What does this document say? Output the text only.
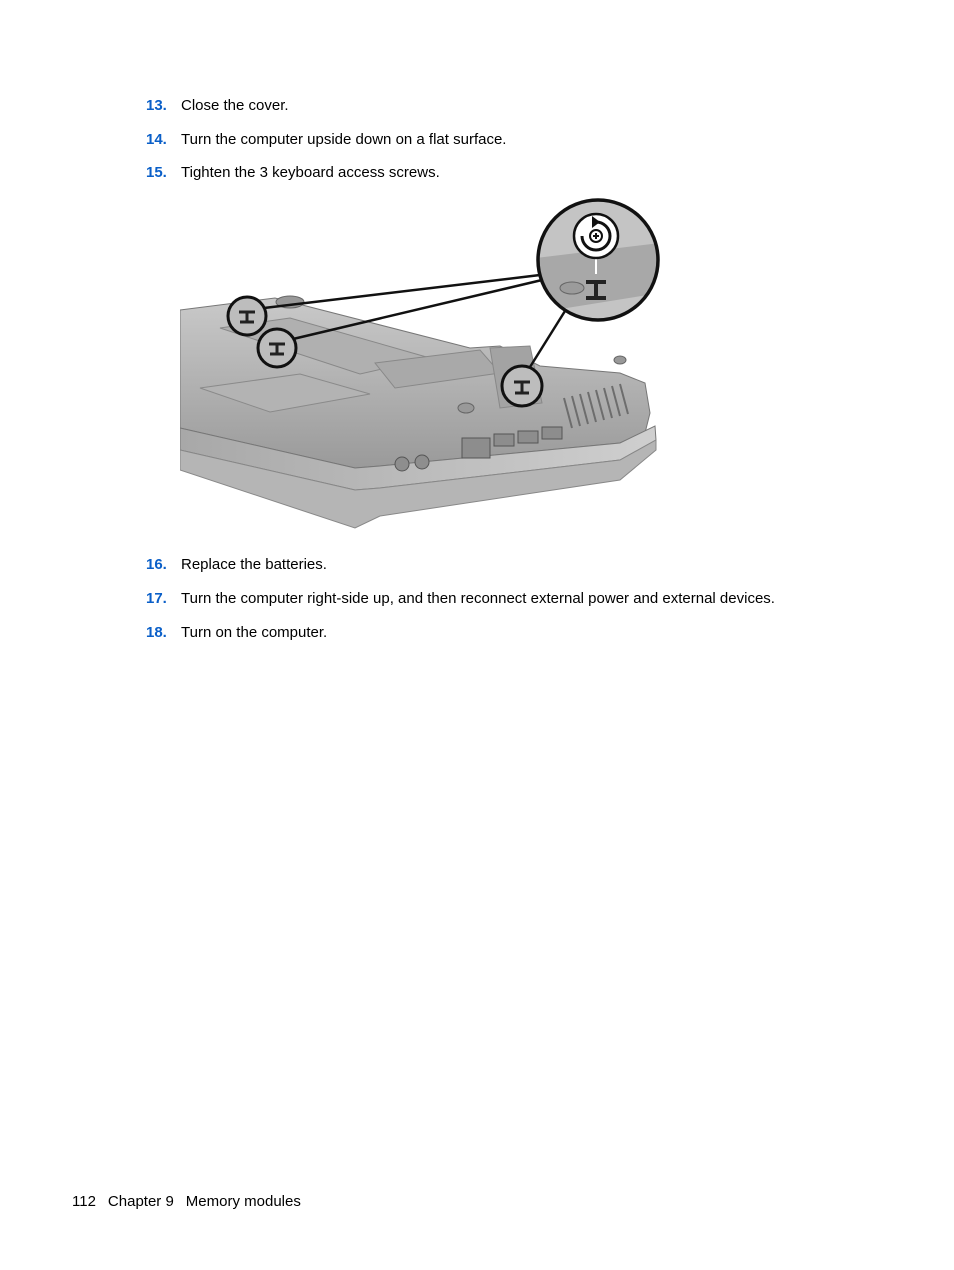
13. Close the cover.
14. Turn the computer upside down on a flat surface.
15. Tighten the 3 keyboard access screws.
16. Replace the batteries.
17. Turn the computer right-side up, and then reconnect external power and external devices.
18. Turn on the computer.
112 Chapter 9 Memory modules
